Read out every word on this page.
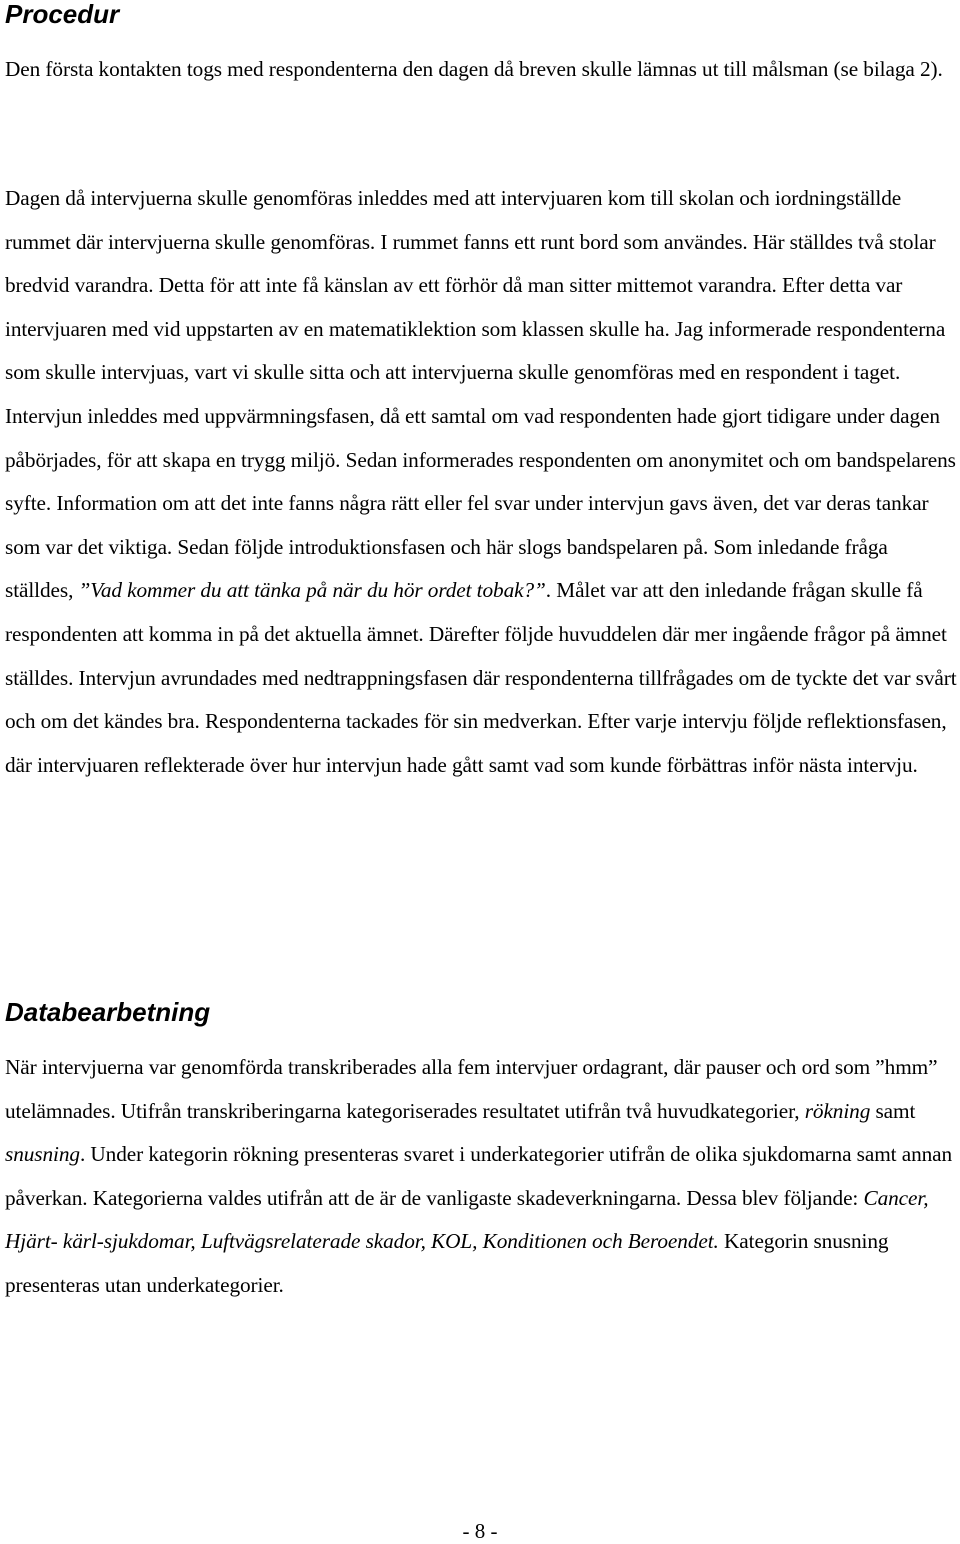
Procedur

Den första kontakten togs med respondenterna den dagen då breven skulle lämnas ut till målsman (se bilaga 2).

Dagen då intervjuerna skulle genomföras inleddes med att intervjuaren kom till skolan och iordningställde rummet där intervjuerna skulle genomföras. I rummet fanns ett runt bord som användes. Här ställdes två stolar bredvid varandra. Detta för att inte få känslan av ett förhör då man sitter mittemot varandra. Efter detta var intervjuaren med vid uppstarten av en matematiklektion som klassen skulle ha. Jag informerade respondenterna som skulle intervjuas, vart vi skulle sitta och att intervjuerna skulle genomföras med en respondent i taget. Intervjun inleddes med uppvärmningsfasen, då ett samtal om vad respondenten hade gjort tidigare under dagen påbörjades, för att skapa en trygg miljö. Sedan informerades respondenten om anonymitet och om bandspelarens syfte. Information om att det inte fanns några rätt eller fel svar under intervjun gavs även, det var deras tankar som var det viktiga. Sedan följde introduktionsfasen och här slogs bandspelaren på. Som inledande fråga ställdes, ”Vad kommer du att tänka på när du hör ordet tobak?”. Målet var att den inledande frågan skulle få respondenten att komma in på det aktuella ämnet. Därefter följde huvuddelen där mer ingående frågor på ämnet ställdes. Intervjun avrundades med nedtrappningsfasen där respondenterna tillfrågades om de tyckte det var svårt och om det kändes bra. Respondenterna tackades för sin medverkan. Efter varje intervju följde reflektionsfasen, där intervjuaren reflekterade över hur intervjun hade gått samt vad som kunde förbättras inför nästa intervju.

Databearbetning

När intervjuerna var genomförda transkriberades alla fem intervjuer ordagrant, där pauser och ord som ”hmm” utelämnades. Utifrån transkriberingarna kategoriserades resultatet utifrån två huvudkategorier, rökning samt snusning. Under kategorin rökning presenteras svaret i underkategorier utifrån de olika sjukdomarna samt annan påverkan. Kategorierna valdes utifrån att de är de vanligaste skadeverkningarna. Dessa blev följande: Cancer, Hjärt- kärl-sjukdomar, Luftvägsrelaterade skador, KOL, Konditionen och Beroendet. Kategorin snusning presenteras utan underkategorier.

- 8 -
